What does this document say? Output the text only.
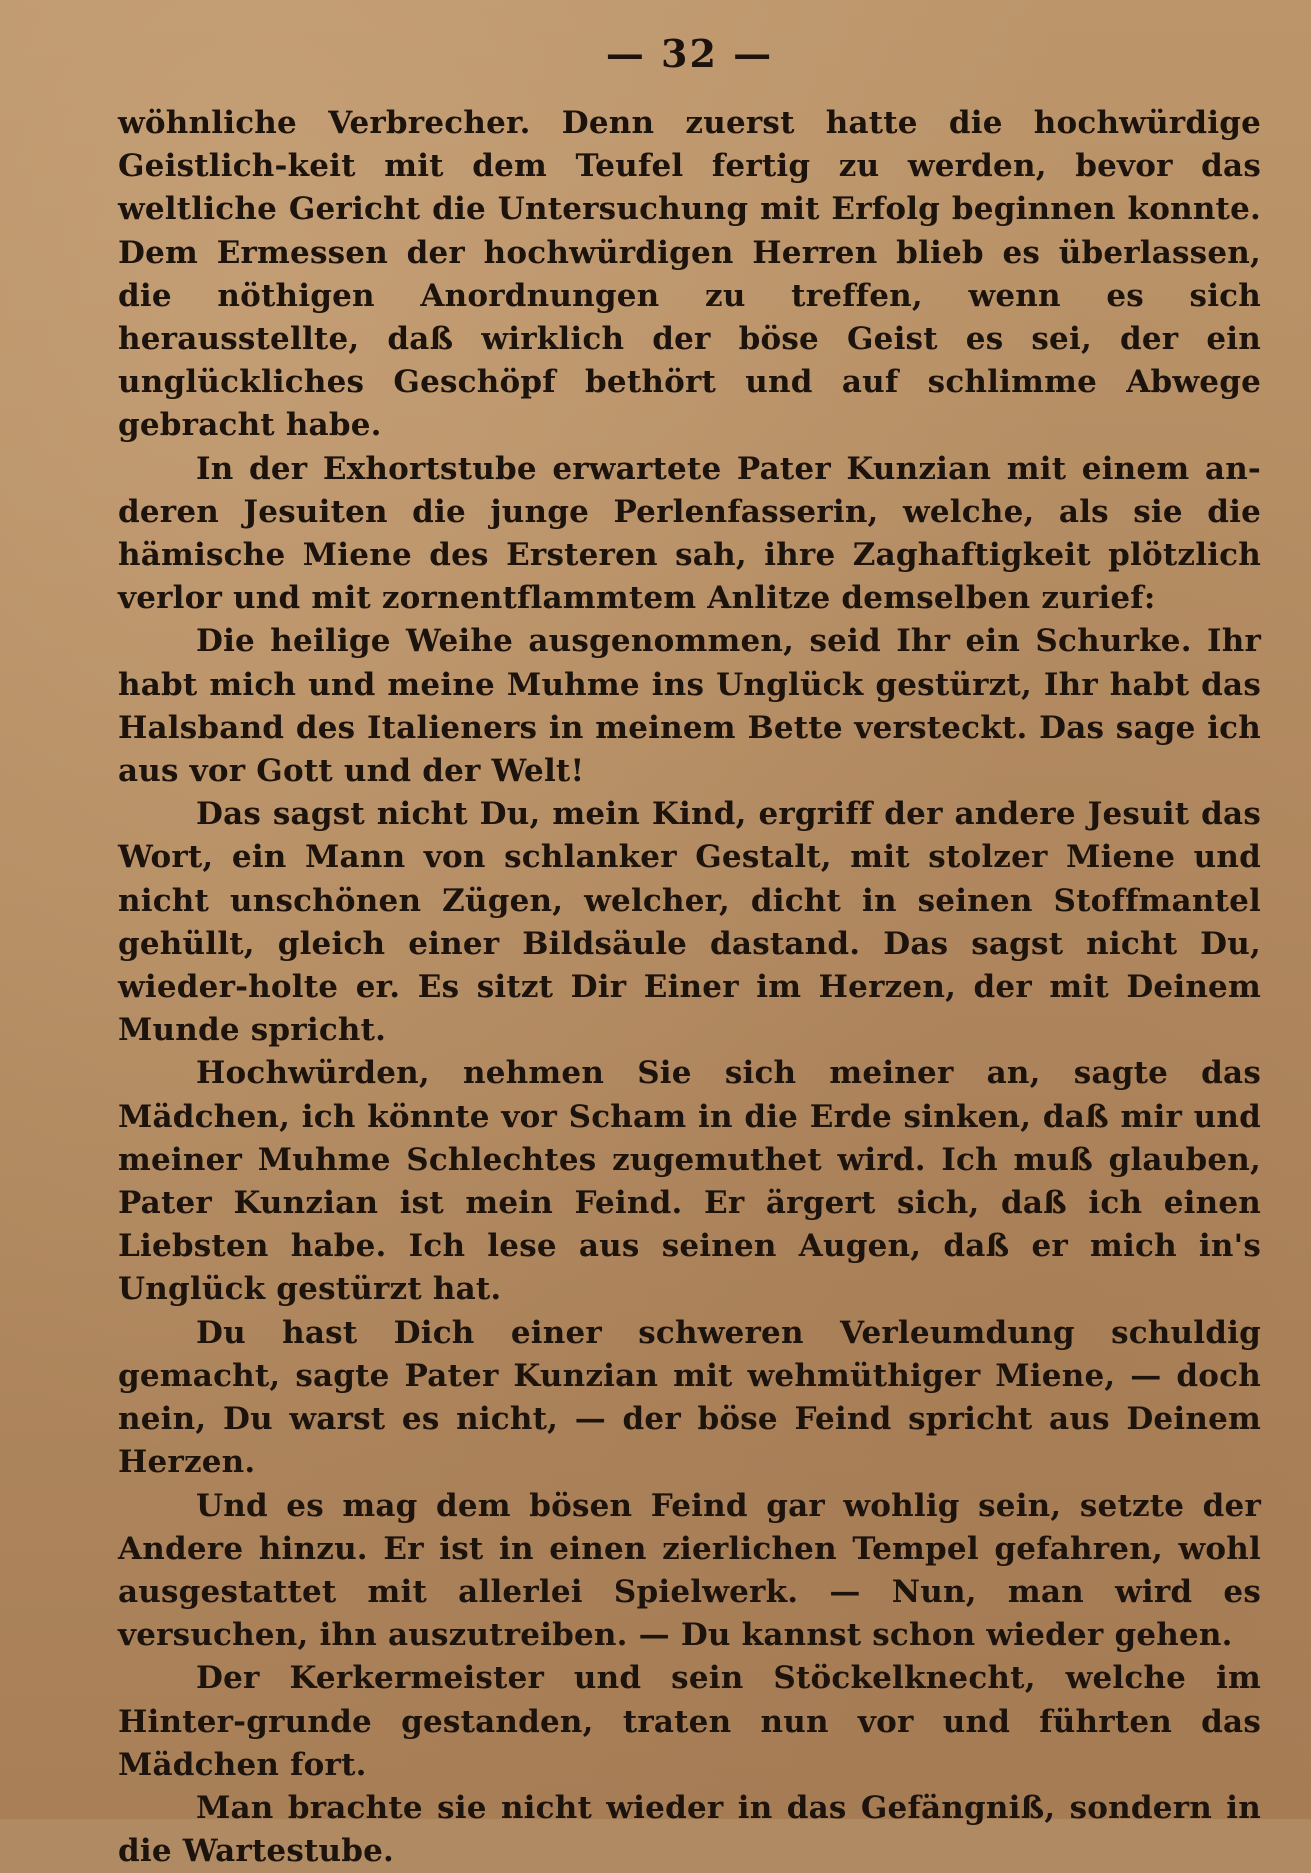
— 32 —

wöhnliche Verbrecher. Denn zuerst hatte die hochwürdige Geistlich-keit mit dem Teufel fertig zu werden, bevor das weltliche Gericht die Untersuchung mit Erfolg beginnen konnte. Dem Ermessen der hochwürdigen Herren blieb es überlassen, die nöthigen Anordnungen zu treffen, wenn es sich herausstellte, daß wirklich der böse Geist es sei, der ein unglückliches Geschöpf bethört und auf schlimme Abwege gebracht habe.

In der Exhortstube erwartete Pater Kunzian mit einem an-deren Jesuiten die junge Perlenfasserin, welche, als sie die hämische Miene des Ersteren sah, ihre Zaghaftigkeit plötzlich verlor und mit zornentflammtem Anlitze demselben zurief:

Die heilige Weihe ausgenommen, seid Ihr ein Schurke. Ihr habt mich und meine Muhme ins Unglück gestürzt, Ihr habt das Halsband des Italieners in meinem Bette versteckt. Das sage ich aus vor Gott und der Welt!

Das sagst nicht Du, mein Kind, ergriff der andere Jesuit das Wort, ein Mann von schlanker Gestalt, mit stolzer Miene und nicht unschönen Zügen, welcher, dicht in seinen Stoffmantel gehüllt, gleich einer Bildsäule dastand. Das sagst nicht Du, wieder-holte er. Es sitzt Dir Einer im Herzen, der mit Deinem Munde spricht.

Hochwürden, nehmen Sie sich meiner an, sagte das Mädchen, ich könnte vor Scham in die Erde sinken, daß mir und meiner Muhme Schlechtes zugemuthet wird. Ich muß glauben, Pater Kunzian ist mein Feind. Er ärgert sich, daß ich einen Liebsten habe. Ich lese aus seinen Augen, daß er mich in's Unglück gestürzt hat.

Du hast Dich einer schweren Verleumdung schuldig gemacht, sagte Pater Kunzian mit wehmüthiger Miene, — doch nein, Du warst es nicht, — der böse Feind spricht aus Deinem Herzen.

Und es mag dem bösen Feind gar wohlig sein, setzte der Andere hinzu. Er ist in einen zierlichen Tempel gefahren, wohl ausgestattet mit allerlei Spielwerk. — Nun, man wird es versuchen, ihn auszutreiben. — Du kannst schon wieder gehen.

Der Kerkermeister und sein Stöckelknecht, welche im Hinter-grunde gestanden, traten nun vor und führten das Mädchen fort.

Man brachte sie nicht wieder in das Gefängniß, sondern in die Wartestube.
